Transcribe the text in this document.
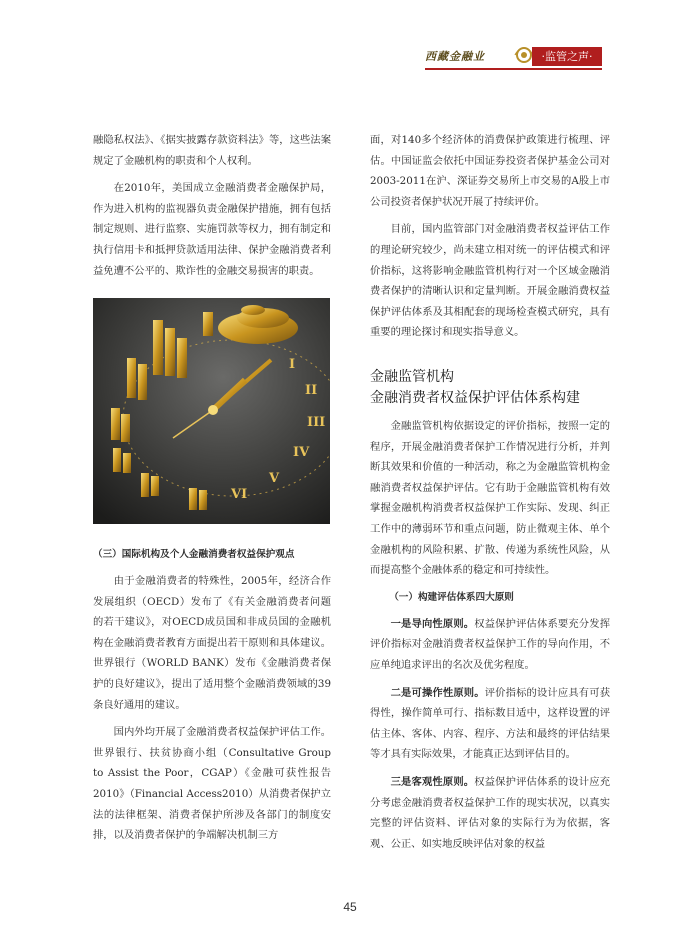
西藏金融业	·监管之声·

融隐私权法》、《据实披露存款资料法》等，这些法案规定了金融机构的职责和个人权利。

在2010年，美国成立金融消费者金融保护局，作为进入机构的监视器负责金融保护措施，拥有包括制定规则、进行监察、实施罚款等权力，拥有制定和执行信用卡和抵押贷款适用法律、保护金融消费者利益免遭不公平的、欺诈性的金融交易损害的职责。

I
II
III
IV
V
VI

（三）国际机构及个人金融消费者权益保护观点

由于金融消费者的特殊性，2005年，经济合作发展组织（OECD）发布了《有关金融消费者问题的若干建议》，对OECD成员国和非成员国的金融机构在金融消费者教育方面提出若干原则和具体建议。世界银行（WORLD BANK）发布《金融消费者保护的良好建议》，提出了适用整个金融消费领域的39条良好通用的建议。

国内外均开展了金融消费者权益保护评估工作。世界银行、扶贫协商小组（Consultative Group to Assist the Poor，CGAP）《金融可获性报告2010》（Financial Access2010）从消费者保护立法的法律框架、消费者保护所涉及各部门的制度安排，以及消费者保护的争端解决机制三方

面，对140多个经济体的消费保护政策进行梳理、评估。中国证监会依托中国证券投资者保护基金公司对2003-2011在沪、深证券交易所上市交易的A股上市公司投资者保护状况开展了持续评价。

目前，国内监管部门对金融消费者权益评估工作的理论研究较少，尚未建立相对统一的评估模式和评价指标，这将影响金融监管机构行对一个区域金融消费者保护的清晰认识和定量判断。开展金融消费权益保护评估体系及其相配套的现场检查模式研究，具有重要的理论探讨和现实指导意义。

金融监管机构

金融消费者权益保护评估体系构建

金融监管机构依据设定的评价指标，按照一定的程序，开展金融消费者保护工作情况进行分析，并判断其效果和价值的一种活动，称之为金融监管机构金融消费者权益保护评估。它有助于金融监管机构有效掌握金融机构消费者权益保护工作实际、发现、纠正工作中的薄弱环节和重点问题，防止微观主体、单个金融机构的风险积累、扩散、传递为系统性风险，从而提高整个金融体系的稳定和可持续性。

（一）构建评估体系四大原则

一是导向性原则。权益保护评估体系要充分发挥评价指标对金融消费者权益保护工作的导向作用，不应单纯追求评出的名次及优劣程度。

二是可操作性原则。评价指标的设计应具有可获得性，操作简单可行、指标数目适中，这样设置的评估主体、客体、内容、程序、方法和最终的评估结果等才具有实际效果，才能真正达到评估目的。

三是客观性原则。权益保护评估体系的设计应充分考虑金融消费者权益保护工作的现实状况，以真实完整的评估资料、评估对象的实际行为为依据，客观、公正、如实地反映评估对象的权益

45
